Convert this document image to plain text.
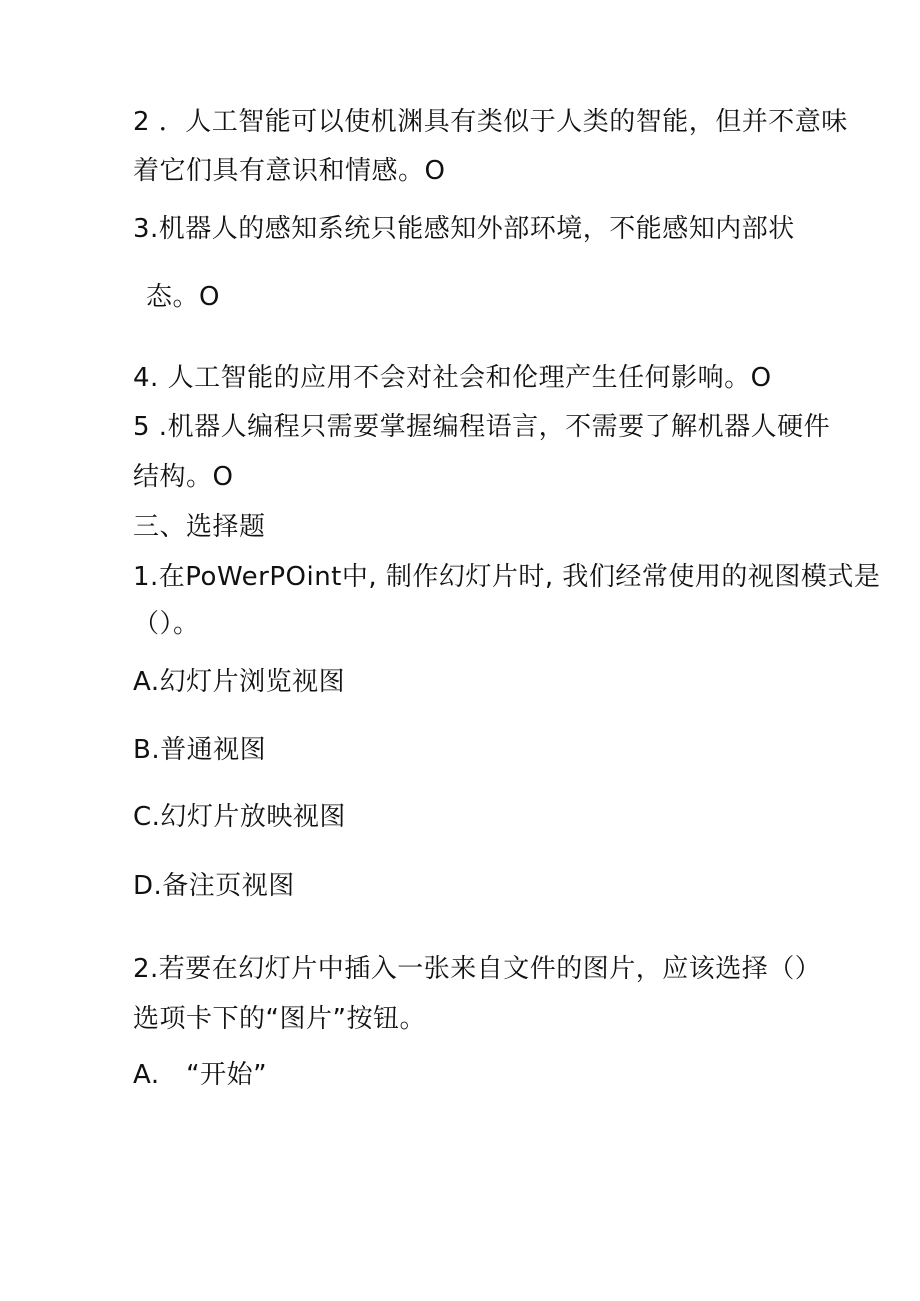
2 ．人工智能可以使机渊具有类似于人类的智能，但并不意味
着它们具有意识和情感。O
3.机器人的感知系统只能感知外部环境，不能感知内部状
态。O
4. 人工智能的应用不会对社会和伦理产生任何影响。O
5 .机器人编程只需要掌握编程语言，不需要了解机器人硬件
结构。O
三、选择题
1.在PoWerPOint中, 制作幻灯片时, 我们经常使用的视图模式是
（）。
A.幻灯片浏览视图
B.普通视图
C.幻灯片放映视图
D.备注页视图
2.若要在幻灯片中插入一张来自文件的图片，应该选择（）
选项卡下的“图片”按钮。
A.　“开始”
